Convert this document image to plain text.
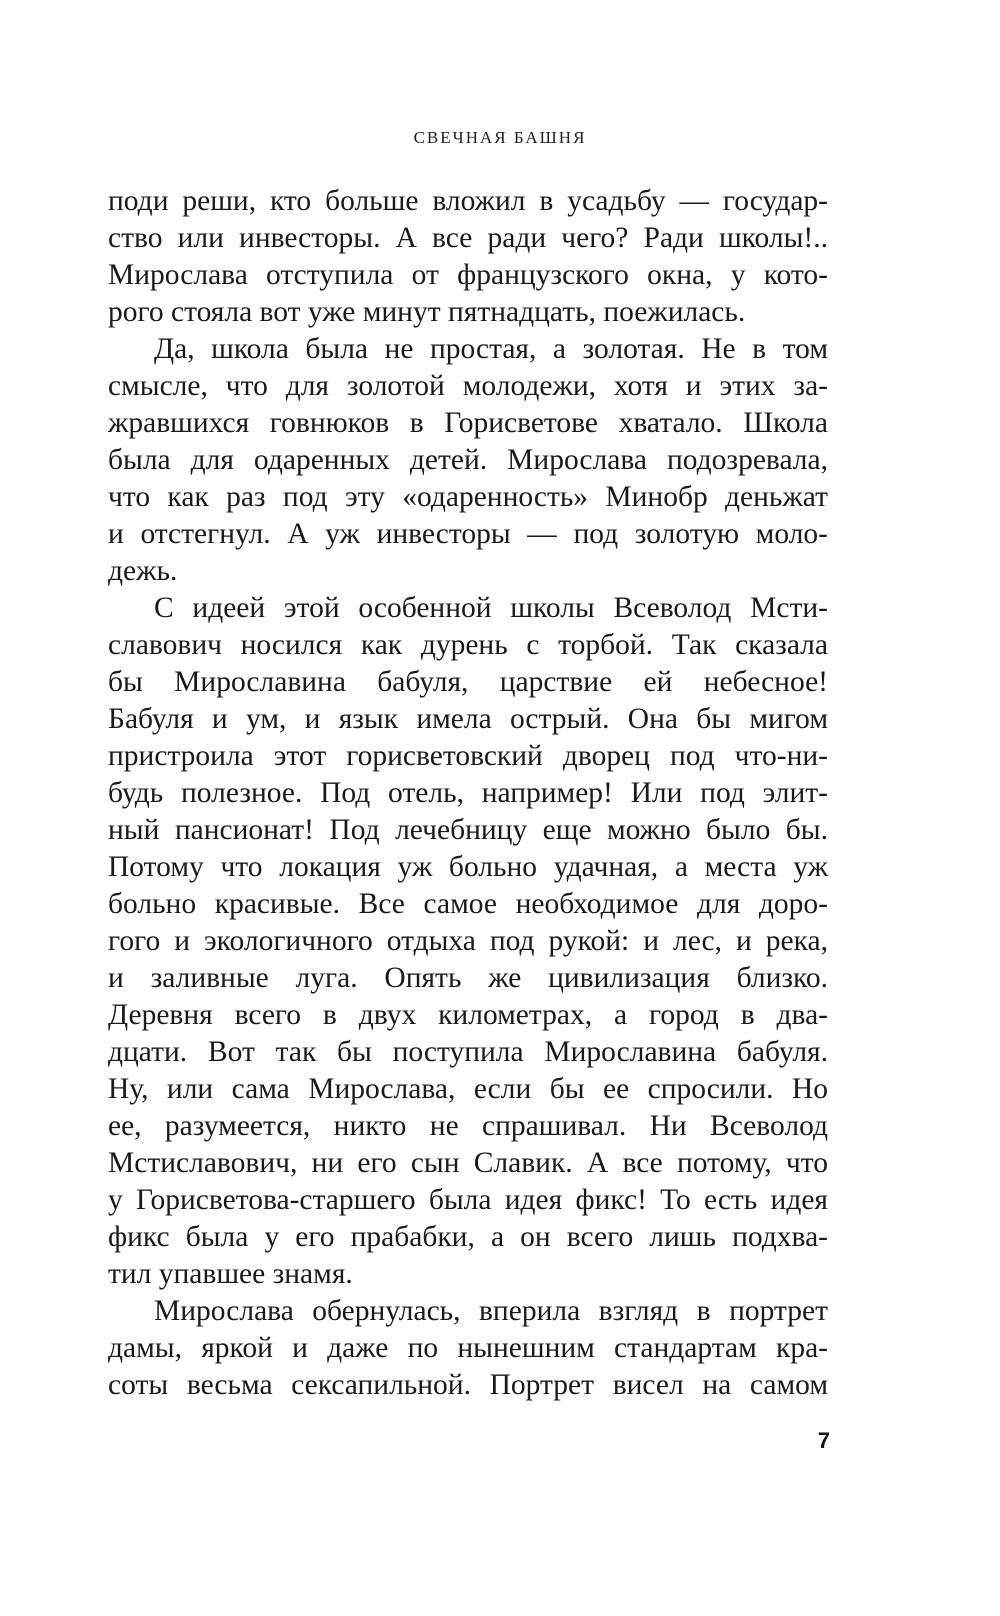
СВЕЧНАЯ БАШНЯ
поди реши, кто больше вложил в усадьбу — государ-
ство или инвесторы. А все ради чего? Ради школы!..
Мирослава отступила от французского окна, у кото-
рого стояла вот уже минут пятнадцать, поежилась.
Да, школа была не простая, а золотая. Не в том
смысле, что для золотой молодежи, хотя и этих за-
жравшихся говнюков в Горисветове хватало. Школа
была для одаренных детей. Мирослава подозревала,
что как раз под эту «одаренность» Минобр деньжат
и отстегнул. А уж инвесторы — под золотую моло-
дежь.
С идеей этой особенной школы Всеволод Мсти-
славович носился как дурень с торбой. Так сказала
бы Мирославина бабуля, царствие ей небесное!
Бабуля и ум, и язык имела острый. Она бы мигом
пристроила этот горисветовский дворец под что-ни-
будь полезное. Под отель, например! Или под элит-
ный пансионат! Под лечебницу еще можно было бы.
Потому что локация уж больно удачная, а места уж
больно красивые. Все самое необходимое для доро-
гого и экологичного отдыха под рукой: и лес, и река,
и заливные луга. Опять же цивилизация близко.
Деревня всего в двух километрах, а город в два-
дцати. Вот так бы поступила Мирославина бабуля.
Ну, или сама Мирослава, если бы ее спросили. Но
ее, разумеется, никто не спрашивал. Ни Всеволод
Мстиславович, ни его сын Славик. А все потому, что
у Горисветова-старшего была идея фикс! То есть идея
фикс была у его прабабки, а он всего лишь подхва-
тил упавшее знамя.
Мирослава обернулась, вперила взгляд в портрет
дамы, яркой и даже по нынешним стандартам кра-
соты весьма сексапильной. Портрет висел на самом
7
